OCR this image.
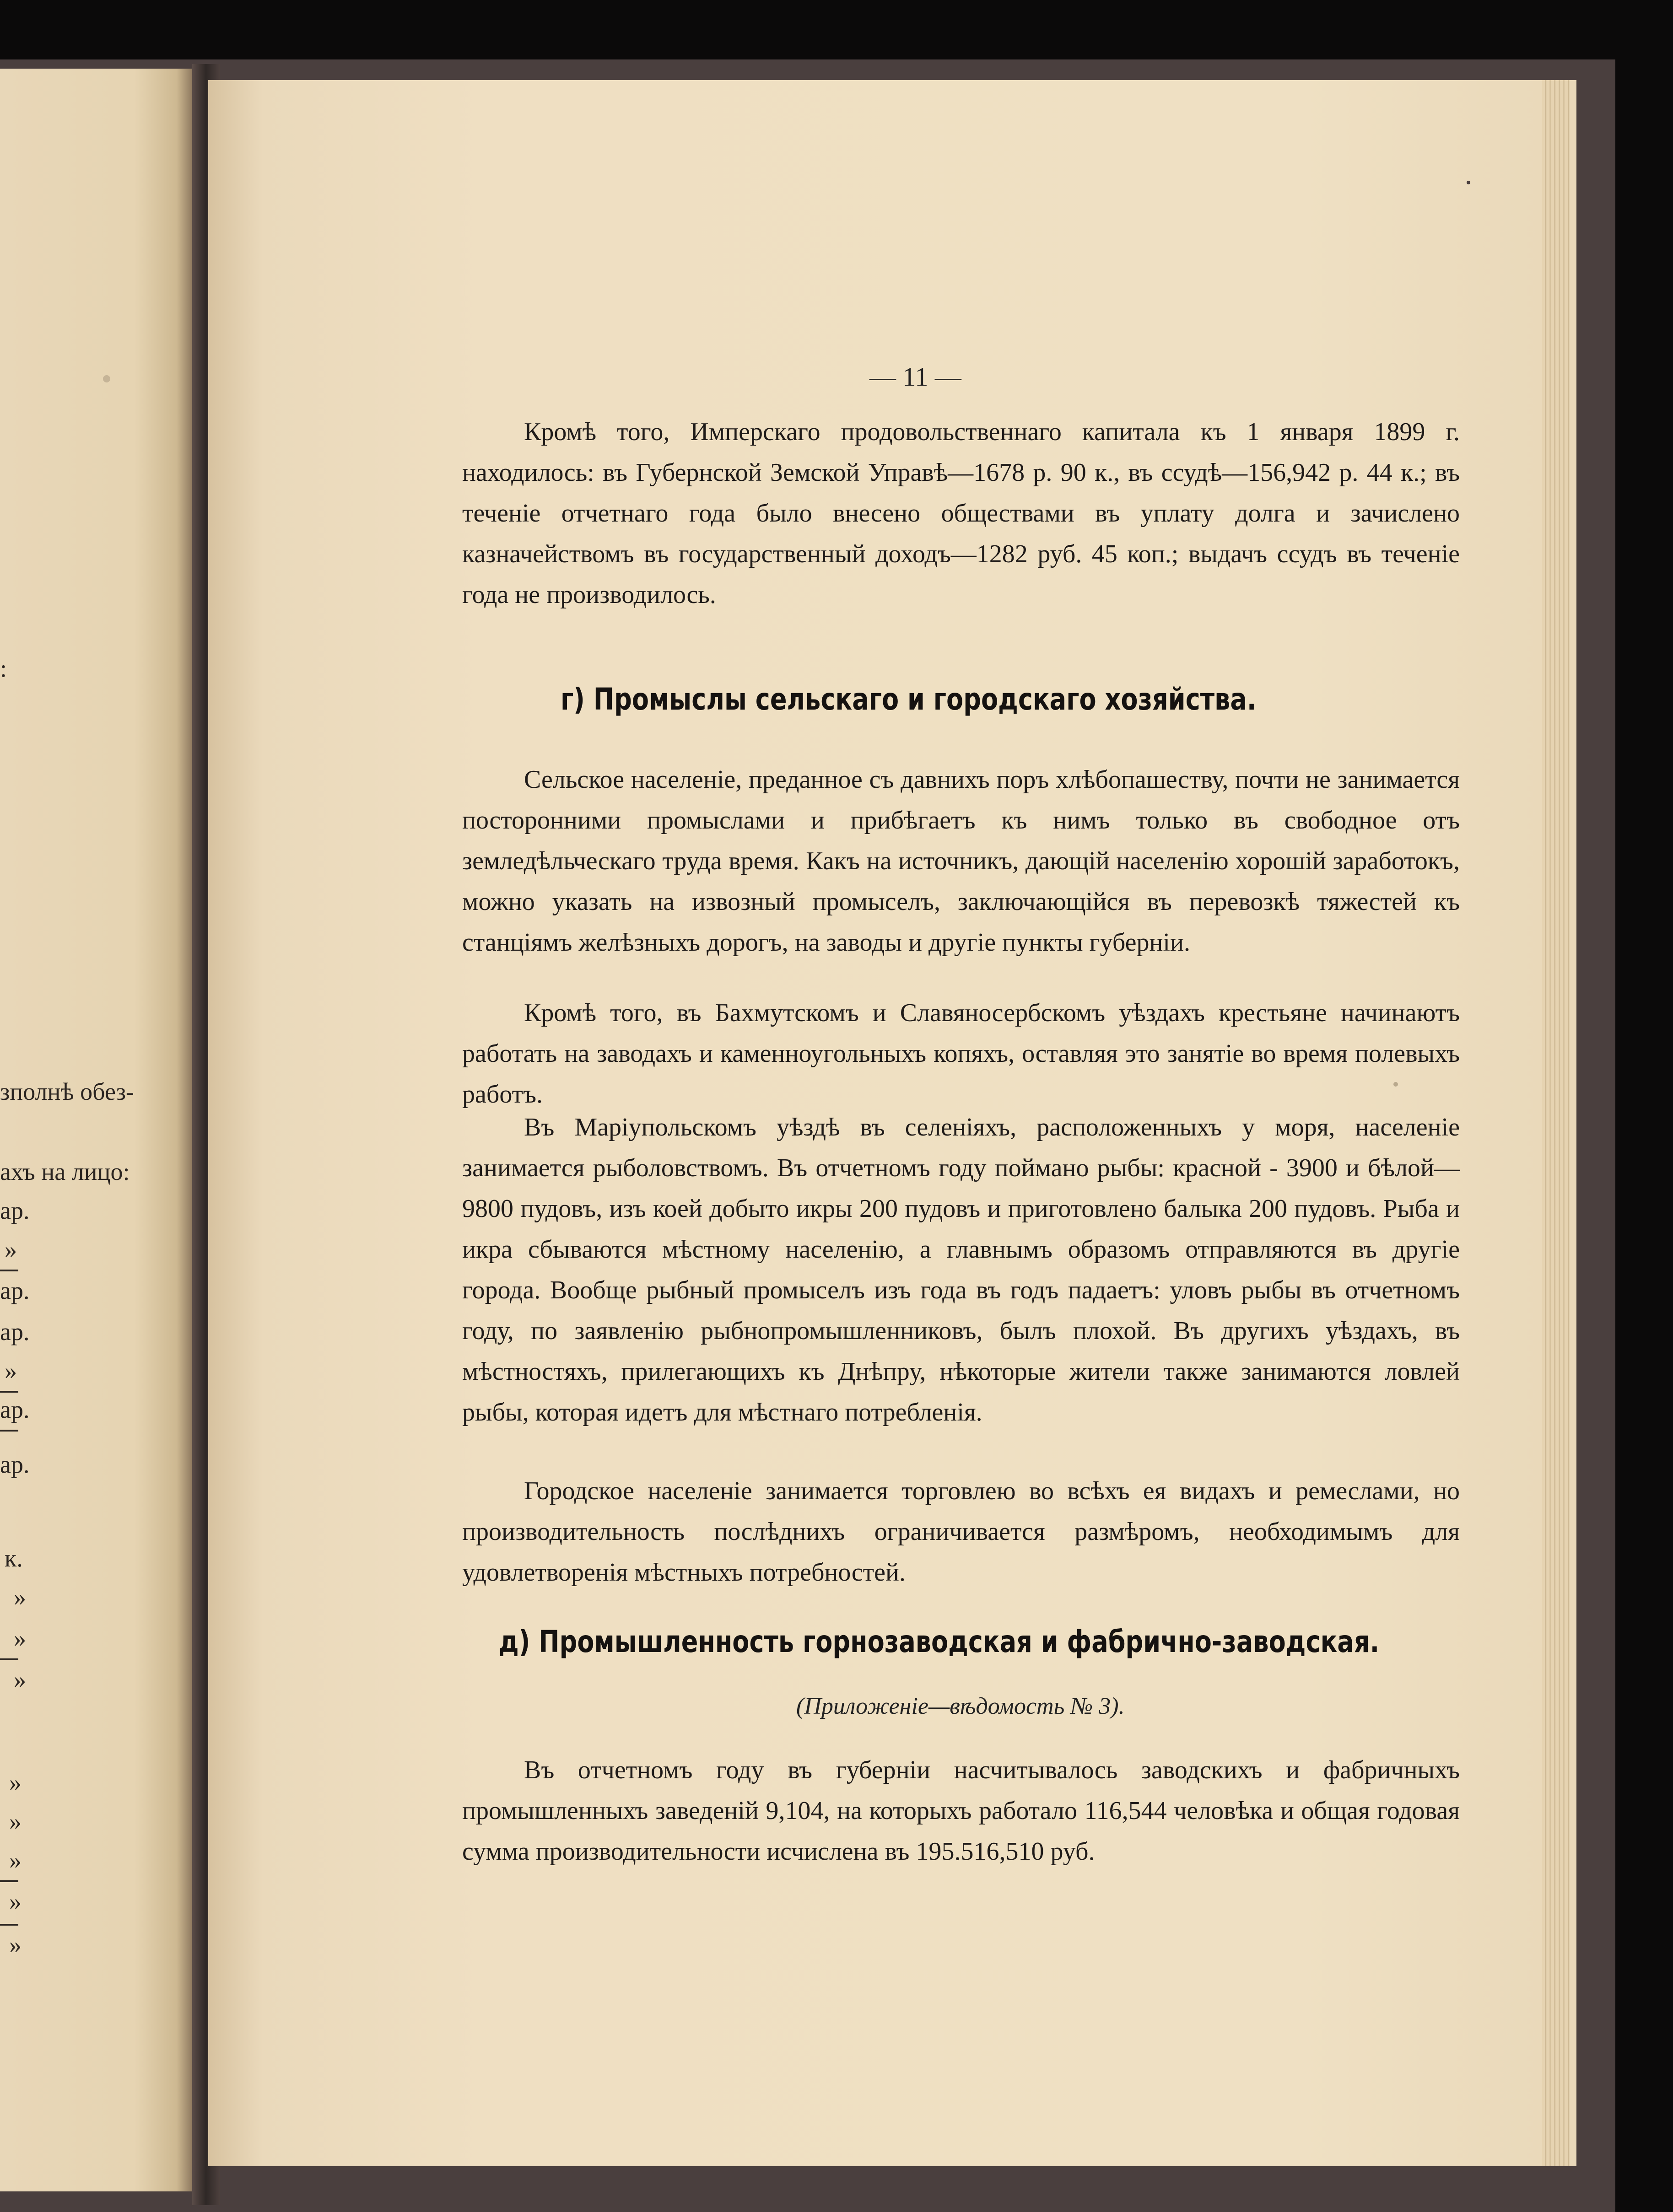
:
зполнѣ обез-
ахъ на лицо:
ар.
»
ар.
ар.
»
ар.
ар.
к.
»
»
»
»
»
»
»
»
— 11 —
Кромѣ того, Имперскаго продовольственнаго капитала къ 1 января 1899 г. находилось: въ Губернской Земской Управѣ—1678 р. 90 к., въ ссудѣ—156,942 р. 44 к.; въ теченіе отчетнаго года было внесено обществами въ уплату долга и зачислено казначействомъ въ государственный доходъ—1282 руб. 45 коп.; выдачъ ссудъ въ теченіе года не производилось.
г) Промыслы сельскаго и городскаго хозяйства.
Сельское населеніе, преданное съ давнихъ поръ хлѣбопашеству, почти не занимается посторонними промыслами и прибѣгаетъ къ нимъ только въ свободное отъ земледѣльческаго труда время. Какъ на источникъ, дающій населенію хорошій заработокъ, можно указать на извозный промыселъ, заключающійся въ перевозкѣ тяжестей къ станціямъ желѣзныхъ дорогъ, на заводы и другіе пункты губерніи.
Кромѣ того, въ Бахмутскомъ и Славяносербскомъ уѣздахъ крестьяне начинаютъ работать на заводахъ и каменноугольныхъ копяхъ, оставляя это занятіе во время полевыхъ работъ.
Въ Маріупольскомъ уѣздѣ въ селеніяхъ, расположенныхъ у моря, населеніе занимается рыболовствомъ. Въ отчетномъ году поймано рыбы: красной - 3900 и бѣлой—9800 пудовъ, изъ коей добыто икры 200 пудовъ и приготовлено балыка 200 пудовъ. Рыба и икра сбываются мѣстному населенію, а главнымъ образомъ отправляются въ другіе города. Вообще рыбный промыселъ изъ года въ годъ падаетъ: уловъ рыбы въ отчетномъ году, по заявленію рыбнопромышленниковъ, былъ плохой. Въ другихъ уѣздахъ, въ мѣстностяхъ, прилегающихъ къ Днѣпру, нѣкоторые жители также занимаются ловлей рыбы, которая идетъ для мѣстнаго потребленія.
Городское населеніе занимается торговлею во всѣхъ ея видахъ и ремеслами, но производительность послѣднихъ ограничивается размѣромъ, необходимымъ для удовлетворенія мѣстныхъ потребностей.
д) Промышленность горнозаводская и фабрично-заводская.
(Приложеніе—вѣдомость № 3).
Въ отчетномъ году въ губерніи насчитывалось заводскихъ и фабричныхъ промышленныхъ заведеній 9,104, на которыхъ работало 116,544 человѣка и общая годовая сумма производительности исчислена въ 195.516,510 руб.
